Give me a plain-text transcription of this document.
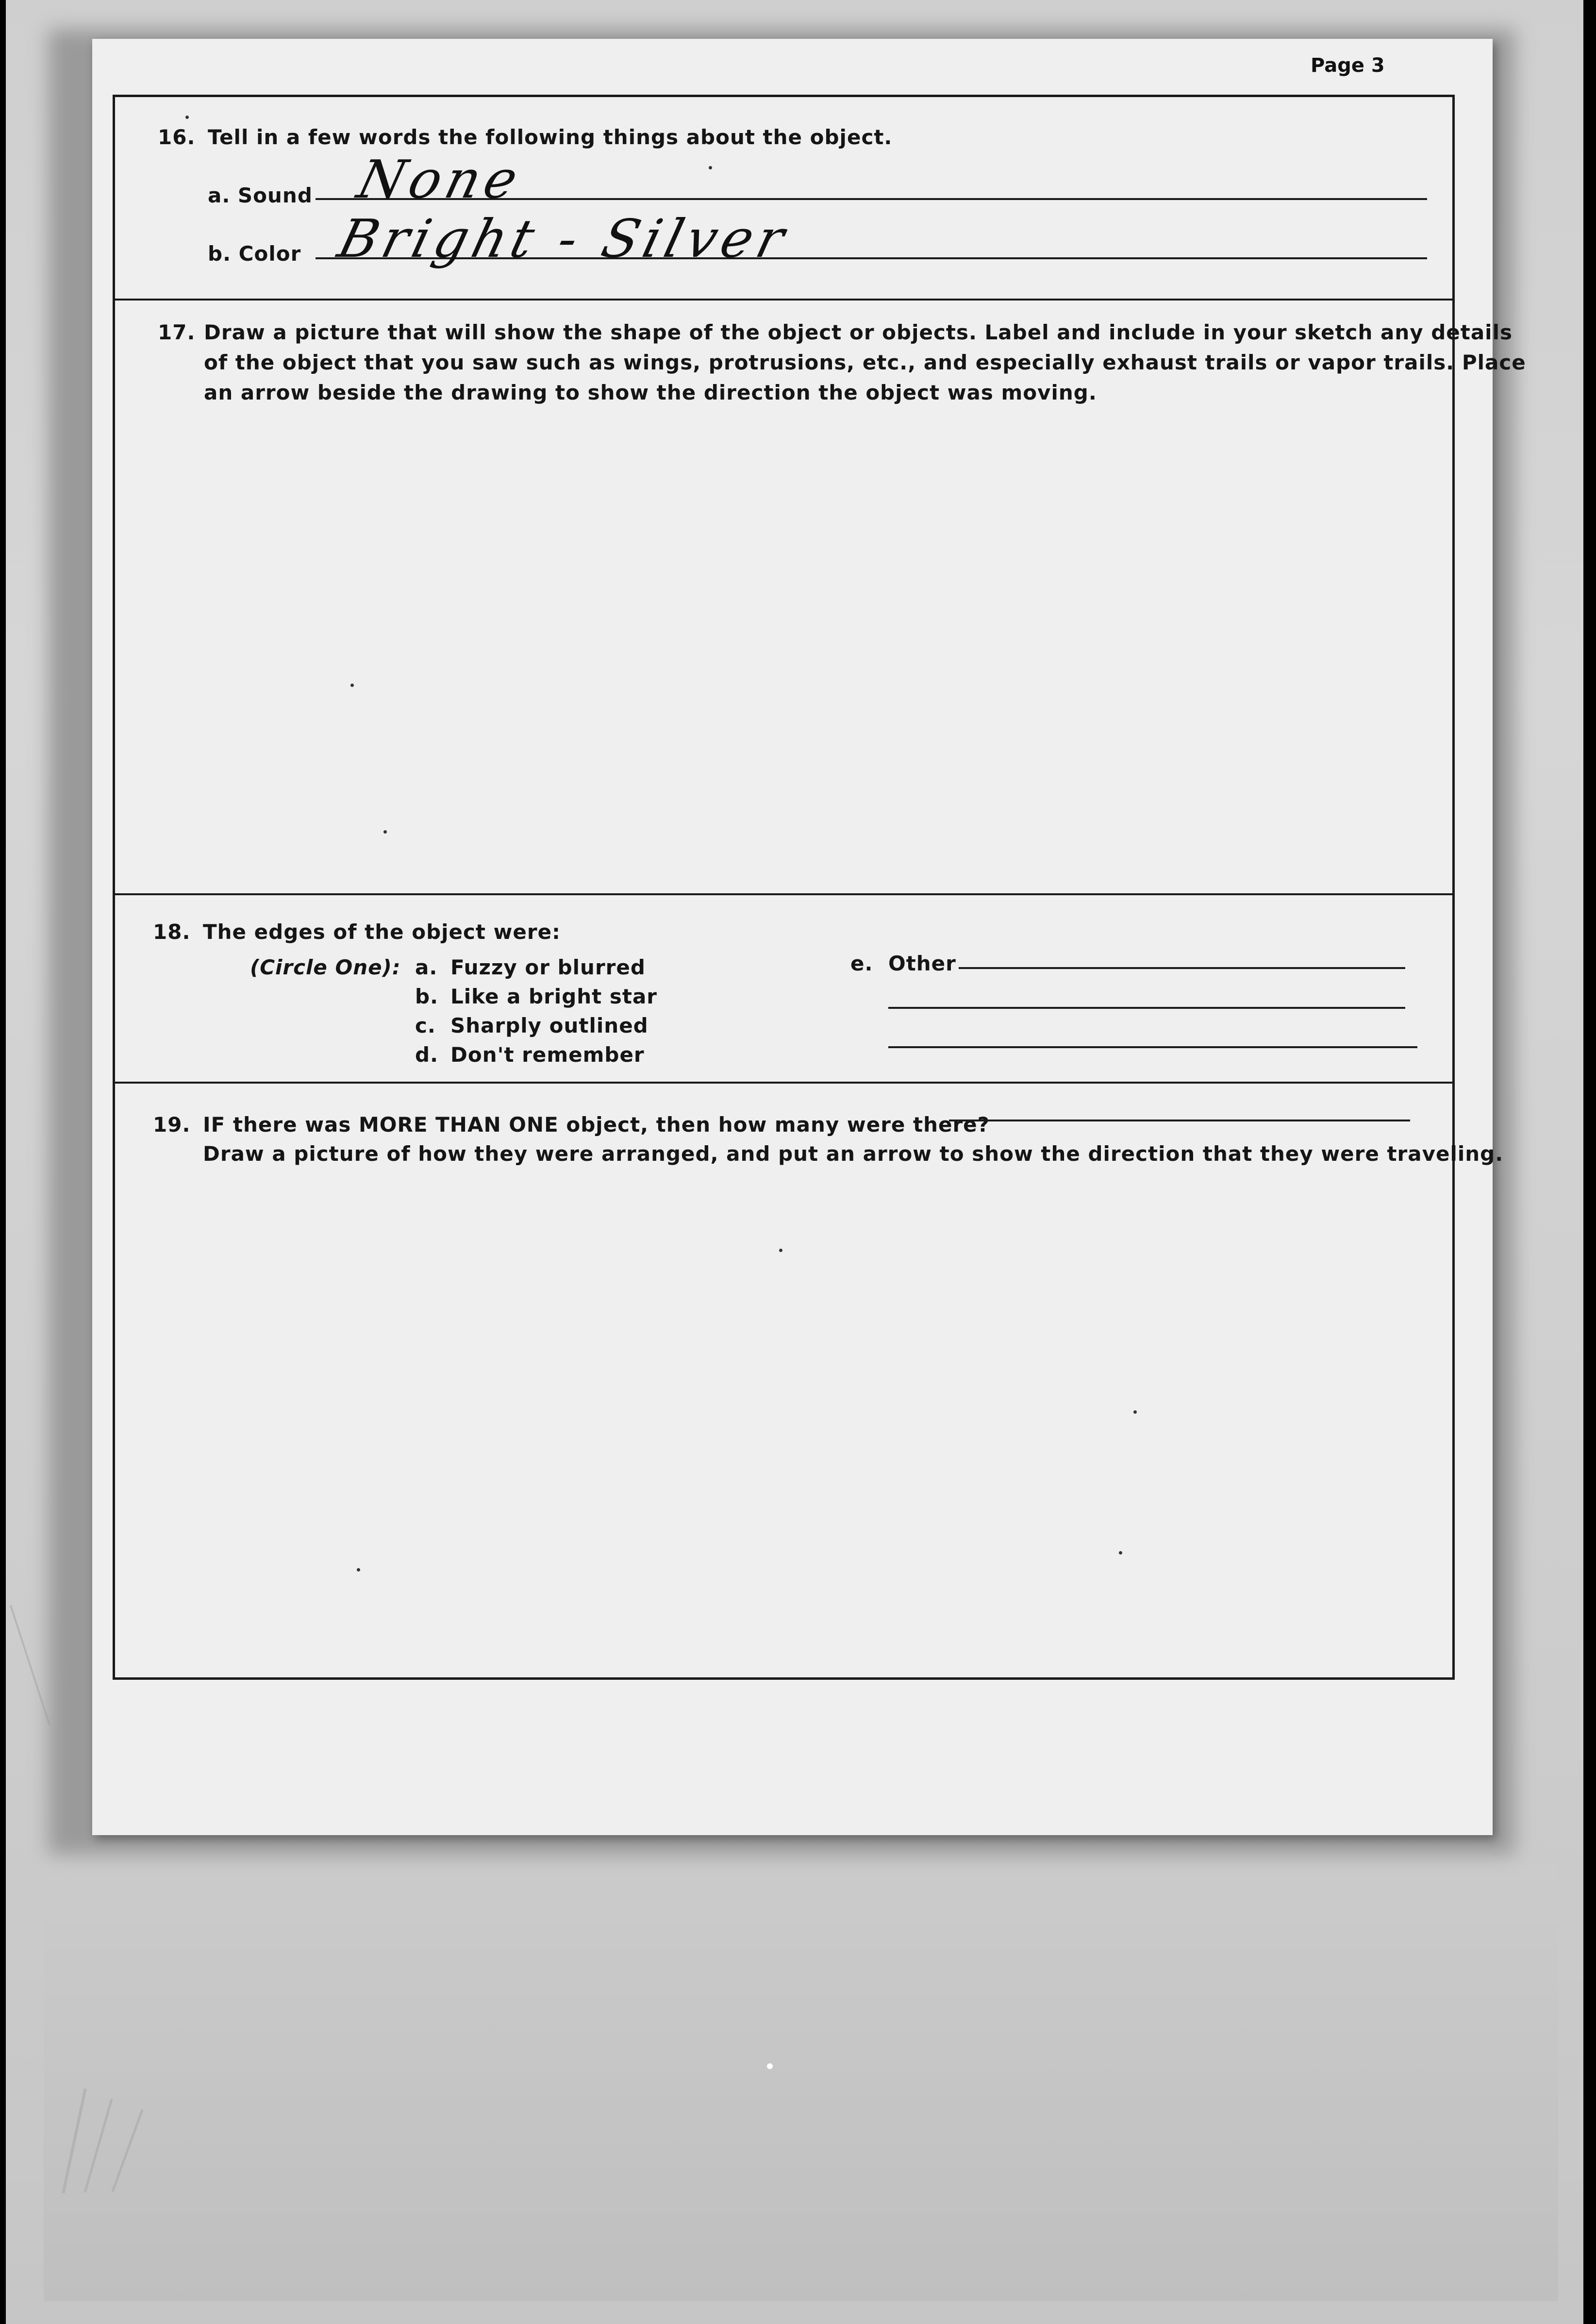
Page 3
16. Tell in a few words the following things about the object.
a. Sound None
b. Color Bright - Silver
17. Draw a picture that will show the shape of the object or objects. Label and include in your sketch any details
of the object that you saw such as wings, protrusions, etc., and especially exhaust trails or vapor trails. Place
an arrow beside the drawing to show the direction the object was moving.
18. The edges of the object were:
(Circle One): a. Fuzzy or blurred
b. Like a bright star
c. Sharply outlined
d. Don't remember
e. Other
19. IF there was MORE THAN ONE object, then how many were there?
Draw a picture of how they were arranged, and put an arrow to show the direction that they were traveling.
